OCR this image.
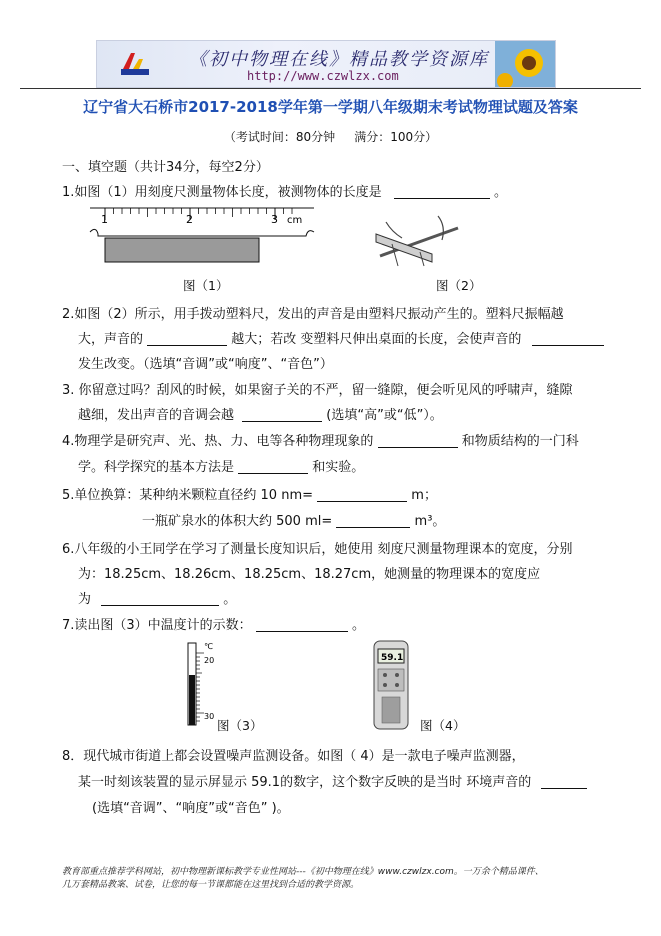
《初中物理在线》精品教学资源库
http://www.czwlzx.com
辽宁省大石桥市2017-2018学年第一学期八年级期末考试物理试题及答案
（考试时间：80分钟 满分：100分）
一、填空题（共计34分，每空2分）
1.如图（1）用刻度尺测量物体长度，被测物体的长度是	。
1	2	3 cm
图（1）	图（2）
2.如图（2）所示，用手拨动塑料尺，发出的声音是由塑料尺振动产生的。塑料尺振幅越
大，声音的	越大；若改 变塑料尺伸出桌面的长度，会使声音的
发生改变。（选填“音调”或“响度”、“音色”）
3. 你留意过吗？刮风的时候，如果窗子关的不严，留一缝隙，便会听见风的呼啸声，缝隙
越细，发出声音的音调会越	(选填“高”或“低”）。
4.物理学是研究声、光、热、力、电等各种物理现象的	和物质结构的一门科
学。科学探究的基本方法是	和实验。
5.单位换算：某种纳米颗粒直径约 10 nm=	m；
一瓶矿泉水的体积大约 500 ml=	m³。
6.八年级的小王同学在学习了测量长度知识后，她使用 刻度尺测量物理课本的宽度，分别
为：18.25cm、18.26cm、18.25cm、18.27cm，她测量的物理课本的宽度应
为	。
7.读出图（3）中温度计的示数：	。
℃
20
30
图（3）
59.1
图（4）
8．现代城市街道上都会设置噪声监测设备。如图（ 4）是一款电子噪声监测器，
某一时刻该装置的显示屏显示 59.1的数字，这个数字反映的是当时 环境声音的
(选填“音调”、“响度”或“音色” )。
教育部重点推荐学科网站，初中物理新课标教学专业性网站---《初中物理在线》www.czwlzx.com。一万余个精品课件、
几万套精品教案、试卷，让您的每一节课都能在这里找到合适的教学资源。
